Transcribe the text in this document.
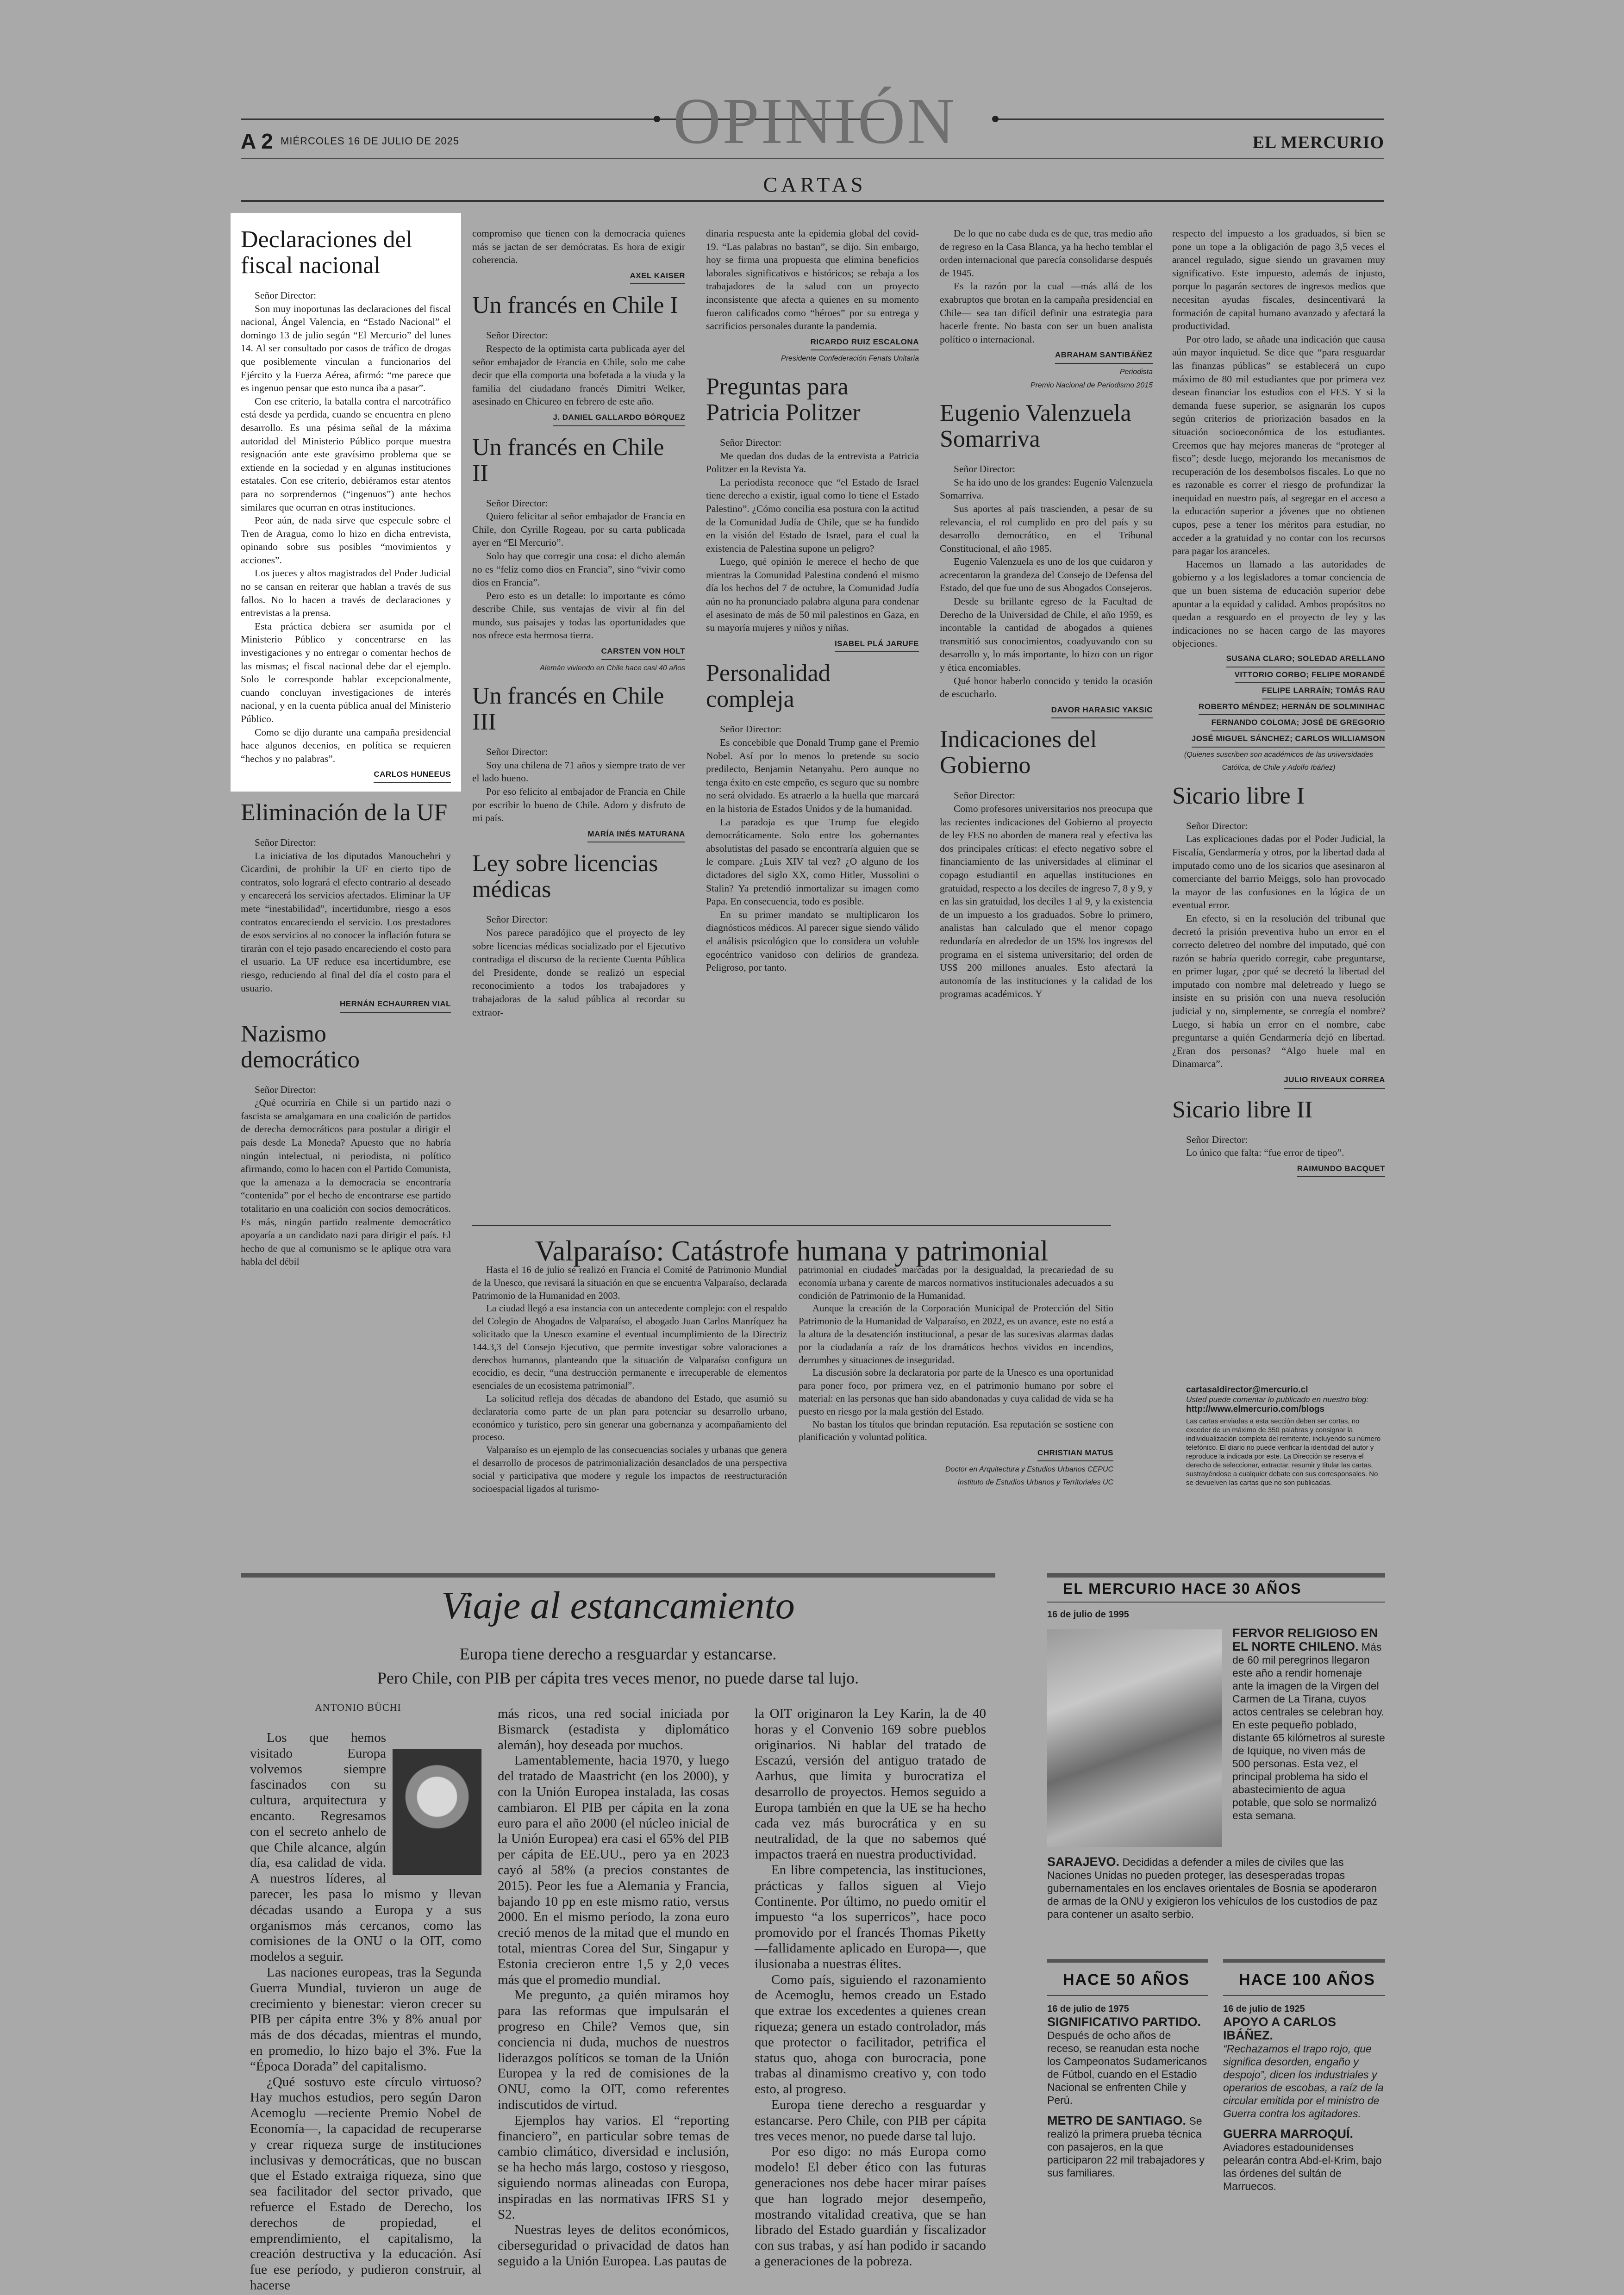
OPINIÓN
A 2 MIÉRCOLES 16 DE JULIO DE 2025	EL MERCURIO
CARTAS
Declaraciones del fiscal nacional

Señor Director:

Son muy inoportunas las declaraciones del fiscal nacional, Ángel Valencia, en “Estado Nacional” el domingo 13 de julio según “El Mercurio” del lunes 14. Al ser consultado por casos de tráfico de drogas que posiblemente vinculan a funcionarios del Ejército y la Fuerza Aérea, afirmó: “me parece que es ingenuo pensar que esto nunca iba a pasar”.

Con ese criterio, la batalla contra el narcotráfico está desde ya perdida, cuando se encuentra en pleno desarrollo. Es una pésima señal de la máxima autoridad del Ministerio Público porque muestra resignación ante este gravísimo problema que se extiende en la sociedad y en algunas instituciones estatales. Con ese criterio, debiéramos estar atentos para no sorprendernos (“ingenuos”) ante hechos similares que ocurran en otras instituciones.

Peor aún, de nada sirve que especule sobre el Tren de Aragua, como lo hizo en dicha entrevista, opinando sobre sus posibles “movimientos y acciones”.

Los jueces y altos magistrados del Poder Judicial no se cansan en reiterar que hablan a través de sus fallos. No lo hacen a través de declaraciones y entrevistas a la prensa.

Esta práctica debiera ser asumida por el Ministerio Público y concentrarse en las investigaciones y no entregar o comentar hechos de las mismas; el fiscal nacional debe dar el ejemplo. Solo le corresponde hablar excepcionalmente, cuando concluyan investigaciones de interés nacional, y en la cuenta pública anual del Ministerio Público.

Como se dijo durante una campaña presidencial hace algunos decenios, en política se requieren “hechos y no palabras”.

CARLOS HUNEEUS
Eliminación de la UF

Señor Director:

La iniciativa de los diputados Manouchehri y Cicardini, de prohibir la UF en cierto tipo de contratos, solo logrará el efecto contrario al deseado y encarecerá los servicios afectados. Eliminar la UF mete “inestabilidad”, incertidumbre, riesgo a esos contratos encareciendo el servicio. Los prestadores de esos servicios al no conocer la inflación futura se tirarán con el tejo pasado encareciendo el costo para el usuario. La UF reduce esa incertidumbre, ese riesgo, reduciendo al final del día el costo para el usuario.

HERNÁN ECHAURREN VIAL
Nazismo democrático

Señor Director:

¿Qué ocurriría en Chile si un partido nazi o fascista se amalgamara en una coalición de partidos de derecha democráticos para postular a dirigir el país desde La Moneda? Apuesto que no habría ningún intelectual, ni periodista, ni político afirmando, como lo hacen con el Partido Comunista, que la amenaza a la democracia se encontraría “contenida” por el hecho de encontrarse ese partido totalitario en una coalición con socios democráticos. Es más, ningún partido realmente democrático apoyaría a un candidato nazi para dirigir el país. El hecho de que al comunismo se le aplique otra vara habla del débil

compromiso que tienen con la democracia quienes más se jactan de ser demócratas. Es hora de exigir coherencia.

AXEL KAISER
Un francés en Chile I

Señor Director:

Respecto de la optimista carta publicada ayer del señor embajador de Francia en Chile, solo me cabe decir que ella comporta una bofetada a la viuda y la familia del ciudadano francés Dimitri Welker, asesinado en Chicureo en febrero de este año.

J. DANIEL GALLARDO BÓRQUEZ
Un francés en Chile II

Señor Director:

Quiero felicitar al señor embajador de Francia en Chile, don Cyrille Rogeau, por su carta publicada ayer en “El Mercurio”.

Solo hay que corregir una cosa: el dicho alemán no es “feliz como dios en Francia”, sino “vivir como dios en Francia”.

Pero esto es un detalle: lo importante es cómo describe Chile, sus ventajas de vivir al fin del mundo, sus paisajes y todas las oportunidades que nos ofrece esta hermosa tierra.

CARSTEN VON HOLT
Alemán viviendo en Chile hace casi 40 años
Un francés en Chile III

Señor Director:

Soy una chilena de 71 años y siempre trato de ver el lado bueno.

Por eso felicito al embajador de Francia en Chile por escribir lo bueno de Chile. Adoro y disfruto de mi país.

MARÍA INÉS MATURANA
Ley sobre licencias médicas

Señor Director:

Nos parece paradójico que el proyecto de ley sobre licencias médicas socializado por el Ejecutivo contradiga el discurso de la reciente Cuenta Pública del Presidente, donde se realizó un especial reconocimiento a todos los trabajadores y trabajadoras de la salud pública al recordar su extraor-

dinaria respuesta ante la epidemia global del covid-19. “Las palabras no bastan”, se dijo. Sin embargo, hoy se firma una propuesta que elimina beneficios laborales significativos e históricos; se rebaja a los trabajadores de la salud con un proyecto inconsistente que afecta a quienes en su momento fueron calificados como “héroes” por su entrega y sacrificios personales durante la pandemia.

RICARDO RUIZ ESCALONA
Presidente Confederación Fenats Unitaria
Preguntas para Patricia Politzer

Señor Director:

Me quedan dos dudas de la entrevista a Patricia Politzer en la Revista Ya.

La periodista reconoce que “el Estado de Israel tiene derecho a existir, igual como lo tiene el Estado Palestino”. ¿Cómo concilia esa postura con la actitud de la Comunidad Judía de Chile, que se ha fundido en la visión del Estado de Israel, para el cual la existencia de Palestina supone un peligro?

Luego, qué opinión le merece el hecho de que mientras la Comunidad Palestina condenó el mismo día los hechos del 7 de octubre, la Comunidad Judía aún no ha pronunciado palabra alguna para condenar el asesinato de más de 50 mil palestinos en Gaza, en su mayoría mujeres y niños y niñas.

ISABEL PLÁ JARUFE
Personalidad compleja

Señor Director:

Es concebible que Donald Trump gane el Premio Nobel. Así por lo menos lo pretende su socio predilecto, Benjamin Netanyahu. Pero aunque no tenga éxito en este empeño, es seguro que su nombre no será olvidado. Es atraerlo a la huella que marcará en la historia de Estados Unidos y de la humanidad.

La paradoja es que Trump fue elegido democráticamente. Solo entre los gobernantes absolutistas del pasado se encontraría alguien que se le compare. ¿Luis XIV tal vez? ¿O alguno de los dictadores del siglo XX, como Hitler, Mussolini o Stalin? Ya pretendió inmortalizar su imagen como Papa. En consecuencia, todo es posible.

En su primer mandato se multiplicaron los diagnósticos médicos. Al parecer sigue siendo válido el análisis psicológico que lo considera un voluble egocéntrico vanidoso con delirios de grandeza. Peligroso, por tanto.

De lo que no cabe duda es de que, tras medio año de regreso en la Casa Blanca, ya ha hecho temblar el orden internacional que parecía consolidarse después de 1945.

Es la razón por la cual —más allá de los exabruptos que brotan en la campaña presidencial en Chile— sea tan difícil definir una estrategia para hacerle frente. No basta con ser un buen analista político o internacional.

ABRAHAM SANTIBÁÑEZ
Periodista
Premio Nacional de Periodismo 2015
Eugenio Valenzuela Somarriva

Señor Director:

Se ha ido uno de los grandes: Eugenio Valenzuela Somarriva.

Sus aportes al país trascienden, a pesar de su relevancia, el rol cumplido en pro del país y su desarrollo democrático, en el Tribunal Constitucional, el año 1985.

Eugenio Valenzuela es uno de los que cuidaron y acrecentaron la grandeza del Consejo de Defensa del Estado, del que fue uno de sus Abogados Consejeros.

Desde su brillante egreso de la Facultad de Derecho de la Universidad de Chile, el año 1959, es incontable la cantidad de abogados a quienes transmitió sus conocimientos, coadyuvando con su desarrollo y, lo más importante, lo hizo con un rigor y ética encomiables.

Qué honor haberlo conocido y tenido la ocasión de escucharlo.

DAVOR HARASIC YAKSIC
Indicaciones del Gobierno

Señor Director:

Como profesores universitarios nos preocupa que las recientes indicaciones del Gobierno al proyecto de ley FES no aborden de manera real y efectiva las dos principales críticas: el efecto negativo sobre el financiamiento de las universidades al eliminar el copago estudiantil en aquellas instituciones en gratuidad, respecto a los deciles de ingreso 7, 8 y 9, y en las sin gratuidad, los deciles 1 al 9, y la existencia de un impuesto a los graduados. Sobre lo primero, analistas han calculado que el menor copago redundaría en alrededor de un 15% los ingresos del programa en el sistema universitario; del orden de US$ 200 millones anuales. Esto afectará la autonomía de las instituciones y la calidad de los programas académicos. Y

respecto del impuesto a los graduados, si bien se pone un tope a la obligación de pago 3,5 veces el arancel regulado, sigue siendo un gravamen muy significativo. Este impuesto, además de injusto, porque lo pagarán sectores de ingresos medios que necesitan ayudas fiscales, desincentivará la formación de capital humano avanzado y afectará la productividad.

Por otro lado, se añade una indicación que causa aún mayor inquietud. Se dice que “para resguardar las finanzas públicas” se establecerá un cupo máximo de 80 mil estudiantes que por primera vez desean financiar los estudios con el FES. Y si la demanda fuese superior, se asignarán los cupos según criterios de priorización basados en la situación socioeconómica de los estudiantes. Creemos que hay mejores maneras de “proteger al fisco”; desde luego, mejorando los mecanismos de recuperación de los desembolsos fiscales. Lo que no es razonable es correr el riesgo de profundizar la inequidad en nuestro país, al segregar en el acceso a la educación superior a jóvenes que no obtienen cupos, pese a tener los méritos para estudiar, no acceder a la gratuidad y no contar con los recursos para pagar los aranceles.

Hacemos un llamado a las autoridades de gobierno y a los legisladores a tomar conciencia de que un buen sistema de educación superior debe apuntar a la equidad y calidad. Ambos propósitos no quedan a resguardo en el proyecto de ley y las indicaciones no se hacen cargo de las mayores objeciones.

SUSANA CLARO; SOLEDAD ARELLANO
VITTORIO CORBO; FELIPE MORANDÉ
FELIPE LARRAÍN; TOMÁS RAU
ROBERTO MÉNDEZ; HERNÁN DE SOLMINIHAC
FERNANDO COLOMA; JOSÉ DE GREGORIO
JOSÉ MIGUEL SÁNCHEZ; CARLOS WILLIAMSON
(Quienes suscriben son académicos de las universidades Católica, de Chile y Adolfo Ibáñez)
Sicario libre I

Señor Director:

Las explicaciones dadas por el Poder Judicial, la Fiscalía, Gendarmería y otros, por la libertad dada al imputado como uno de los sicarios que asesinaron al comerciante del barrio Meiggs, solo han provocado la mayor de las confusiones en la lógica de un eventual error.

En efecto, si en la resolución del tribunal que decretó la prisión preventiva hubo un error en el correcto deletreo del nombre del imputado, qué con razón se habría querido corregir, cabe preguntarse, en primer lugar, ¿por qué se decretó la libertad del imputado con nombre mal deletreado y luego se insiste en su prisión con una nueva resolución judicial y no, simplemente, se corregía el nombre? Luego, si había un error en el nombre, cabe preguntarse a quién Gendarmería dejó en libertad. ¿Eran dos personas? “Algo huele mal en Dinamarca”.

JULIO RIVEAUX CORREA
Sicario libre II

Señor Director:

Lo único que falta: “fue error de tipeo”.

RAIMUNDO BACQUET
cartasaldirector@mercurio.cl
Usted puede comentar lo publicado en nuestro blog:
http://www.elmercurio.com/blogs
Las cartas enviadas a esta sección deben ser cortas, no exceder de un máximo de 350 palabras y consignar la individualización completa del remitente, incluyendo su número telefónico. El diario no puede verificar la identidad del autor y reproduce la indicada por este. La Dirección se reserva el derecho de seleccionar, extractar, resumir y titular las cartas, sustrayéndose a cualquier debate con sus corresponsales. No se devuelven las cartas que no son publicadas.
Valparaíso: Catástrofe humana y patrimonial

Hasta el 16 de julio se realizó en Francia el Comité de Patrimonio Mundial de la Unesco, que revisará la situación en que se encuentra Valparaíso, declarada Patrimonio de la Humanidad en 2003.

La ciudad llegó a esa instancia con un antecedente complejo: con el respaldo del Colegio de Abogados de Valparaíso, el abogado Juan Carlos Manríquez ha solicitado que la Unesco examine el eventual incumplimiento de la Directriz 144.3,3 del Consejo Ejecutivo, que permite investigar sobre valoraciones a derechos humanos, planteando que la situación de Valparaíso configura un ecocidio, es decir, “una destrucción permanente e irrecuperable de elementos esenciales de un ecosistema patrimonial”.

La solicitud refleja dos décadas de abandono del Estado, que asumió su declaratoria como parte de un plan para potenciar su desarrollo urbano, económico y turístico, pero sin generar una gobernanza y acompañamiento del proceso.

Valparaíso es un ejemplo de las consecuencias sociales y urbanas que genera el desarrollo de procesos de patrimonialización desanclados de una perspectiva social y participativa que modere y regule los impactos de reestructuración socioespacial ligados al turismo-

patrimonial en ciudades marcadas por la desigualdad, la precariedad de su economía urbana y carente de marcos normativos institucionales adecuados a su condición de Patrimonio de la Humanidad.

Aunque la creación de la Corporación Municipal de Protección del Sitio Patrimonio de la Humanidad de Valparaíso, en 2022, es un avance, este no está a la altura de la desatención institucional, a pesar de las sucesivas alarmas dadas por la ciudadanía a raíz de los dramáticos hechos vividos en incendios, derrumbes y situaciones de inseguridad.

La discusión sobre la declaratoria por parte de la Unesco es una oportunidad para poner foco, por primera vez, en el patrimonio humano por sobre el material: en las personas que han sido abandonadas y cuya calidad de vida se ha puesto en riesgo por la mala gestión del Estado.

No bastan los títulos que brindan reputación. Esa reputación se sostiene con planificación y voluntad política.

CHRISTIAN MATUS
Doctor en Arquitectura y Estudios Urbanos CEPUC
Instituto de Estudios Urbanos y Territoriales UC
Viaje al estancamiento
Europa tiene derecho a resguardar y estancarse.
Pero Chile, con PIB per cápita tres veces menor, no puede darse tal lujo.
ANTONIO BÜCHI

Los que hemos visitado Europa volvemos siempre fascinados con su cultura, arquitectura y encanto. Regresamos con el secreto anhelo de que Chile alcance, algún día, esa calidad de vida. A nuestros líderes, al parecer, les pasa lo mismo y llevan décadas usando a Europa y a sus organismos más cercanos, como las comisiones de la ONU o la OIT, como modelos a seguir.

Las naciones europeas, tras la Segunda Guerra Mundial, tuvieron un auge de crecimiento y bienestar: vieron crecer su PIB per cápita entre 3% y 8% anual por más de dos décadas, mientras el mundo, en promedio, lo hizo bajo el 3%. Fue la “Época Dorada” del capitalismo.

¿Qué sostuvo este círculo virtuoso? Hay muchos estudios, pero según Daron Acemoglu —reciente Premio Nobel de Economía—, la capacidad de recuperarse y crear riqueza surge de instituciones inclusivas y democráticas, que no buscan que el Estado extraiga riqueza, sino que sea facilitador del sector privado, que refuerce el Estado de Derecho, los derechos de propiedad, el emprendimiento, el capitalismo, la creación destructiva y la educación. Así fue ese período, y pudieron construir, al hacerse

más ricos, una red social iniciada por Bismarck (estadista y diplomático alemán), hoy deseada por muchos.

Lamentablemente, hacia 1970, y luego del tratado de Maastricht (en los 2000), y con la Unión Europea instalada, las cosas cambiaron. El PIB per cápita en la zona euro para el año 2000 (el núcleo inicial de la Unión Europea) era casi el 65% del PIB per cápita de EE.UU., pero ya en 2023 cayó al 58% (a precios constantes de 2015). Peor les fue a Alemania y Francia, bajando 10 pp en este mismo ratio, versus 2000. En el mismo período, la zona euro creció menos de la mitad que el mundo en total, mientras Corea del Sur, Singapur y Estonia crecieron entre 1,5 y 2,0 veces más que el promedio mundial.

Me pregunto, ¿a quién miramos hoy para las reformas que impulsarán el progreso en Chile? Vemos que, sin conciencia ni duda, muchos de nuestros liderazgos políticos se toman de la Unión Europea y la red de comisiones de la ONU, como la OIT, como referentes indiscutidos de virtud.

Ejemplos hay varios. El “reporting financiero”, en particular sobre temas de cambio climático, diversidad e inclusión, se ha hecho más largo, costoso y riesgoso, siguiendo normas alineadas con Europa, inspiradas en las normativas IFRS S1 y S2.

Nuestras leyes de delitos económicos, ciberseguridad o privacidad de datos han seguido a la Unión Europea. Las pautas de

la OIT originaron la Ley Karin, la de 40 horas y el Convenio 169 sobre pueblos originarios. Ni hablar del tratado de Escazú, versión del antiguo tratado de Aarhus, que limita y burocratiza el desarrollo de proyectos. Hemos seguido a Europa también en que la UE se ha hecho cada vez más burocrática y en su neutralidad, de la que no sabemos qué impactos traerá en nuestra productividad.

En libre competencia, las instituciones, prácticas y fallos siguen al Viejo Continente. Por último, no puedo omitir el impuesto “a los superricos”, hace poco promovido por el francés Thomas Piketty —fallidamente aplicado en Europa—, que ilusionaba a nuestras élites.

Como país, siguiendo el razonamiento de Acemoglu, hemos creado un Estado que extrae los excedentes a quienes crean riqueza; genera un estado controlador, más que protector o facilitador, petrifica el status quo, ahoga con burocracia, pone trabas al dinamismo creativo y, con todo esto, al progreso.

Europa tiene derecho a resguardar y estancarse. Pero Chile, con PIB per cápita tres veces menor, no puede darse tal lujo.

Por eso digo: no más Europa como modelo! El deber ético con las futuras generaciones nos debe hacer mirar países que han logrado mejor desempeño, mostrando vitalidad creativa, que se han librado del Estado guardián y fiscalizador con sus trabas, y así han podido ir sacando a generaciones de la pobreza.

EL MERCURIO HACE 30 AÑOS
16 de julio de 1995
FERVOR RELIGIOSO EN EL NORTE CHILENO. Más de 60 mil peregrinos llegaron este año a rendir homenaje ante la imagen de la Virgen del Carmen de La Tirana, cuyos actos centrales se celebran hoy. En este pequeño poblado, distante 65 kilómetros al sureste de Iquique, no viven más de 500 personas. Esta vez, el principal problema ha sido el abastecimiento de agua potable, que solo se normalizó esta semana.
SARAJEVO. Decididas a defender a miles de civiles que las Naciones Unidas no pueden proteger, las desesperadas tropas gubernamentales en los enclaves orientales de Bosnia se apoderaron de armas de la ONU y exigieron los vehículos de los custodios de paz para contener un asalto serbio.
HACE 50 AÑOS
16 de julio de 1975
SIGNIFICATIVO PARTIDO.
Después de ocho años de receso, se reanudan esta noche los Campeonatos Sudamericanos de Fútbol, cuando en el Estadio Nacional se enfrenten Chile y Perú.
METRO DE SANTIAGO. Se realizó la primera prueba técnica con pasajeros, en la que participaron 22 mil trabajadores y sus familiares.
HACE 100 AÑOS
16 de julio de 1925
APOYO A CARLOS IBÁÑEZ.
“Rechazamos el trapo rojo, que significa desorden, engaño y despojo”, dicen los industriales y operarios de escobas, a raíz de la circular emitida por el ministro de Guerra contra los agitadores.
GUERRA MARROQUÍ.
Aviadores estadounidenses pelearán contra Abd-el-Krim, bajo las órdenes del sultán de Marruecos.
